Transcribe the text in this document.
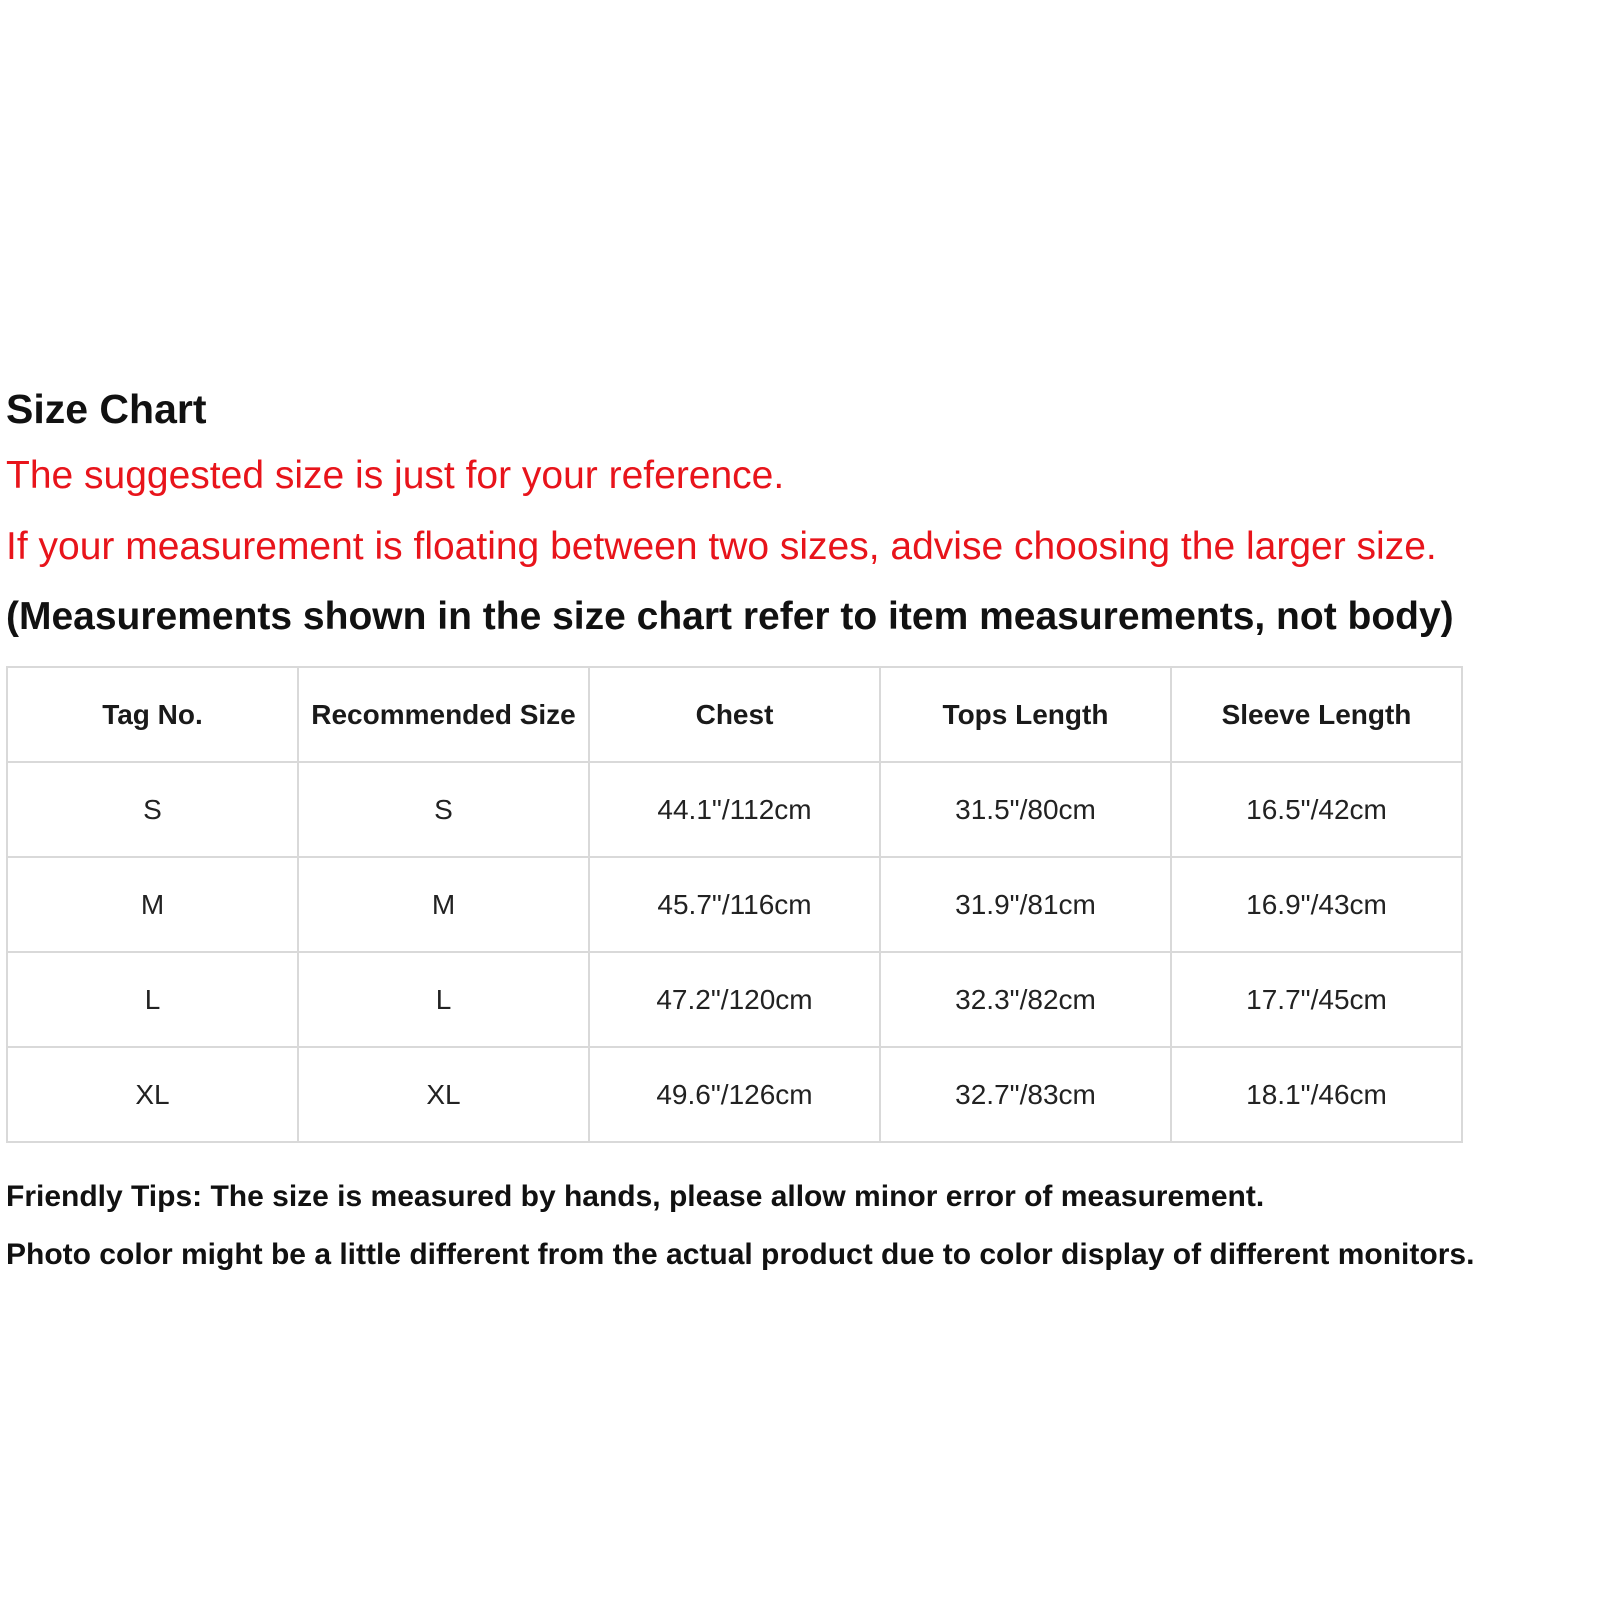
Size Chart

The suggested size is just for your reference.

If your measurement is floating between two sizes, advise choosing the larger size.

(Measurements shown in the size chart refer to item measurements, not body)

Tag No.	Recommended Size	Chest	Tops Length	Sleeve Length
S	S	44.1"/112cm	31.5"/80cm	16.5"/42cm
M	M	45.7"/116cm	31.9"/81cm	16.9"/43cm
L	L	47.2"/120cm	32.3"/82cm	17.7"/45cm
XL	XL	49.6"/126cm	32.7"/83cm	18.1"/46cm

Friendly Tips: The size is measured by hands, please allow minor error of measurement.

Photo color might be a little different from the actual product due to color display of different monitors.
